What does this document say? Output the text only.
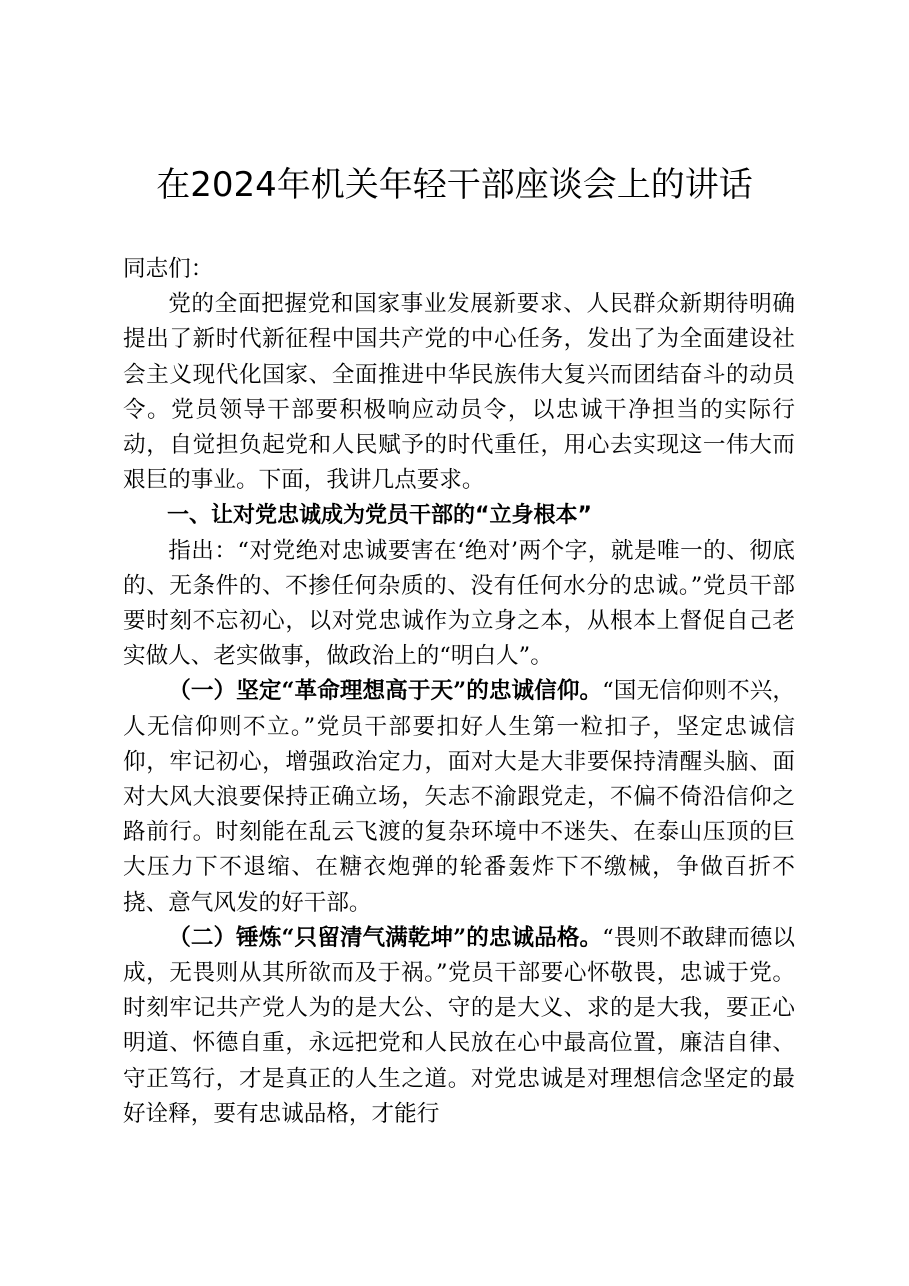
在2024年机关年轻干部座谈会上的讲话

同志们：

党的全面把握党和国家事业发展新要求、人民群众新期待明确提出了新时代新征程中国共产党的中心任务，发出了为全面建设社会主义现代化国家、全面推进中华民族伟大复兴而团结奋斗的动员令。党员领导干部要积极响应动员令，以忠诚干净担当的实际行动，自觉担负起党和人民赋予的时代重任，用心去实现这一伟大而艰巨的事业。下面，我讲几点要求。

一、让对党忠诚成为党员干部的“立身根本”

指出：“对党绝对忠诚要害在‘绝对’两个字，就是唯一的、彻底的、无条件的、不掺任何杂质的、没有任何水分的忠诚。”党员干部要时刻不忘初心，以对党忠诚作为立身之本，从根本上督促自己老实做人、老实做事，做政治上的“明白人”。

（一）坚定“革命理想高于天”的忠诚信仰。“国无信仰则不兴，人无信仰则不立。”党员干部要扣好人生第一粒扣子，坚定忠诚信仰，牢记初心，增强政治定力，面对大是大非要保持清醒头脑、面对大风大浪要保持正确立场，矢志不渝跟党走，不偏不倚沿信仰之路前行。时刻能在乱云飞渡的复杂环境中不迷失、在泰山压顶的巨大压力下不退缩、在糖衣炮弹的轮番轰炸下不缴械，争做百折不挠、意气风发的好干部。

（二）锤炼“只留清气满乾坤”的忠诚品格。“畏则不敢肆而德以成，无畏则从其所欲而及于祸。”党员干部要心怀敬畏，忠诚于党。时刻牢记共产党人为的是大公、守的是大义、求的是大我，要正心明道、怀德自重，永远把党和人民放在心中最高位置，廉洁自律、守正笃行，才是真正的人生之道。对党忠诚是对理想信念坚定的最好诠释，要有忠诚品格，才能行
